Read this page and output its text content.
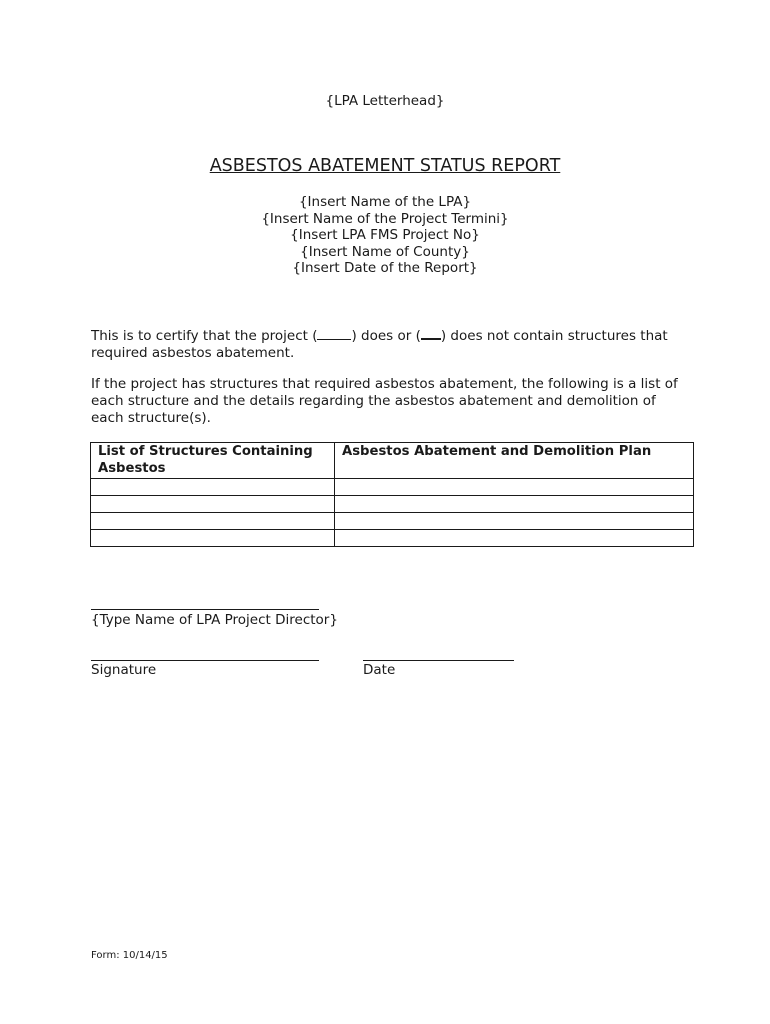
{LPA Letterhead}
ASBESTOS ABATEMENT STATUS REPORT
{Insert Name of the LPA}
{Insert Name of the Project Termini}
{Insert LPA FMS Project No}
{Insert Name of County}
{Insert Date of the Report}
This is to certify that the project (	) does or ( ) does not contain structures that required asbestos abatement.
If the project has structures that required asbestos abatement, the following is a list of each structure and the details regarding the asbestos abatement and demolition of each structure(s).
List of Structures Containing Asbestos	Asbestos Abatement and Demolition Plan

{Type Name of LPA Project Director}
Signature	Date
Form: 10/14/15
